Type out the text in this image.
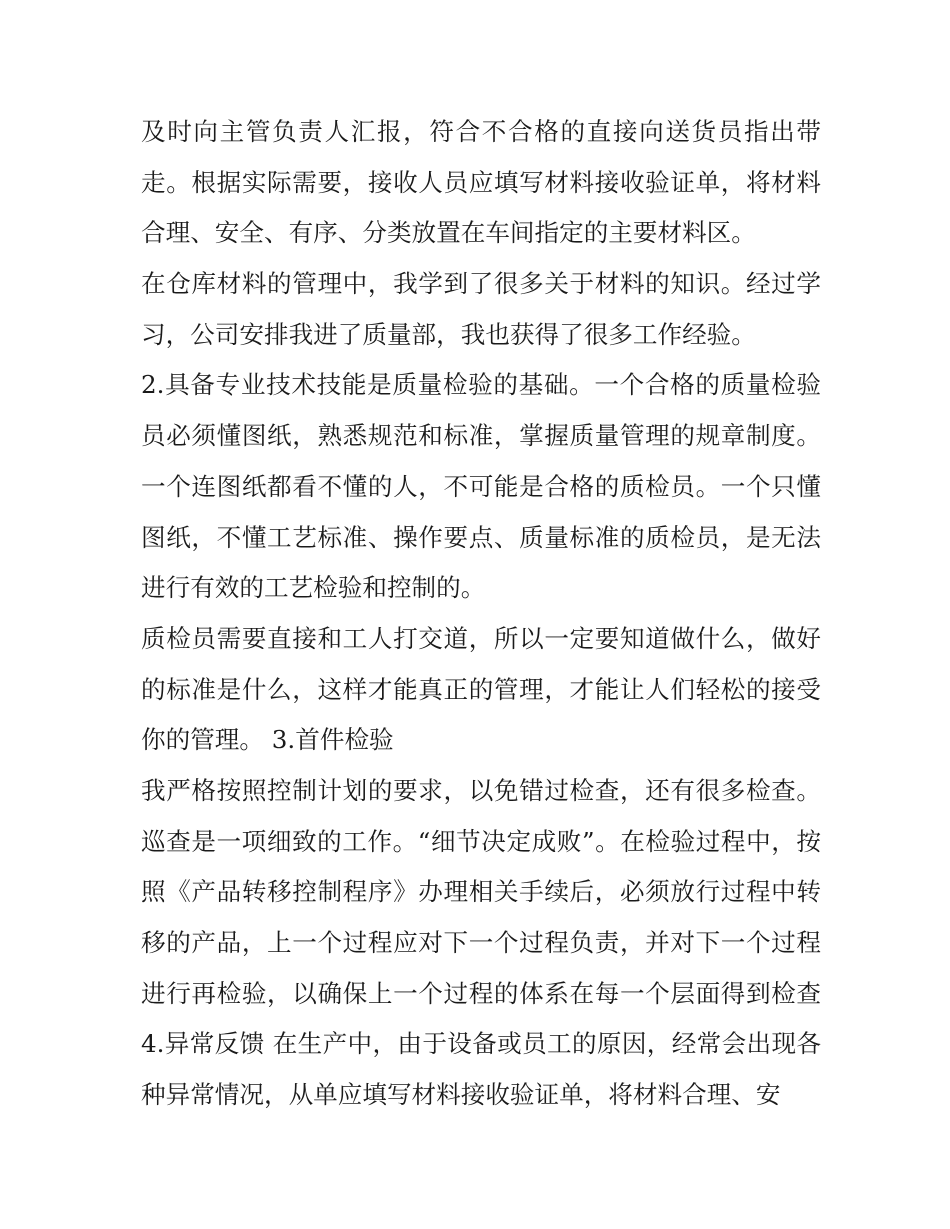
及时向主管负责人汇报，符合不合格的直接向送货员指出带
走。根据实际需要，接收人员应填写材料接收验证单，将材料
合理、安全、有序、分类放置在车间指定的主要材料区。
在仓库材料的管理中，我学到了很多关于材料的知识。经过学
习，公司安排我进了质量部，我也获得了很多工作经验。
2.具备专业技术技能是质量检验的基础。一个合格的质量检验
员必须懂图纸，熟悉规范和标准，掌握质量管理的规章制度。
一个连图纸都看不懂的人，不可能是合格的质检员。一个只懂
图纸，不懂工艺标准、操作要点、质量标准的质检员，是无法
进行有效的工艺检验和控制的。
质检员需要直接和工人打交道，所以一定要知道做什么，做好
的标准是什么，这样才能真正的管理，才能让人们轻松的接受
你的管理。 3.首件检验
我严格按照控制计划的要求，以免错过检查，还有很多检查。
巡查是一项细致的工作。“细节决定成败”。在检验过程中，按
照《产品转移控制程序》办理相关手续后，必须放行过程中转
移的产品，上一个过程应对下一个过程负责，并对下一个过程
进行再检验，以确保上一个过程的体系在每一个层面得到检查
4.异常反馈 在生产中，由于设备或员工的原因，经常会出现各
种异常情况，从单应填写材料接收验证单，将材料合理、安
